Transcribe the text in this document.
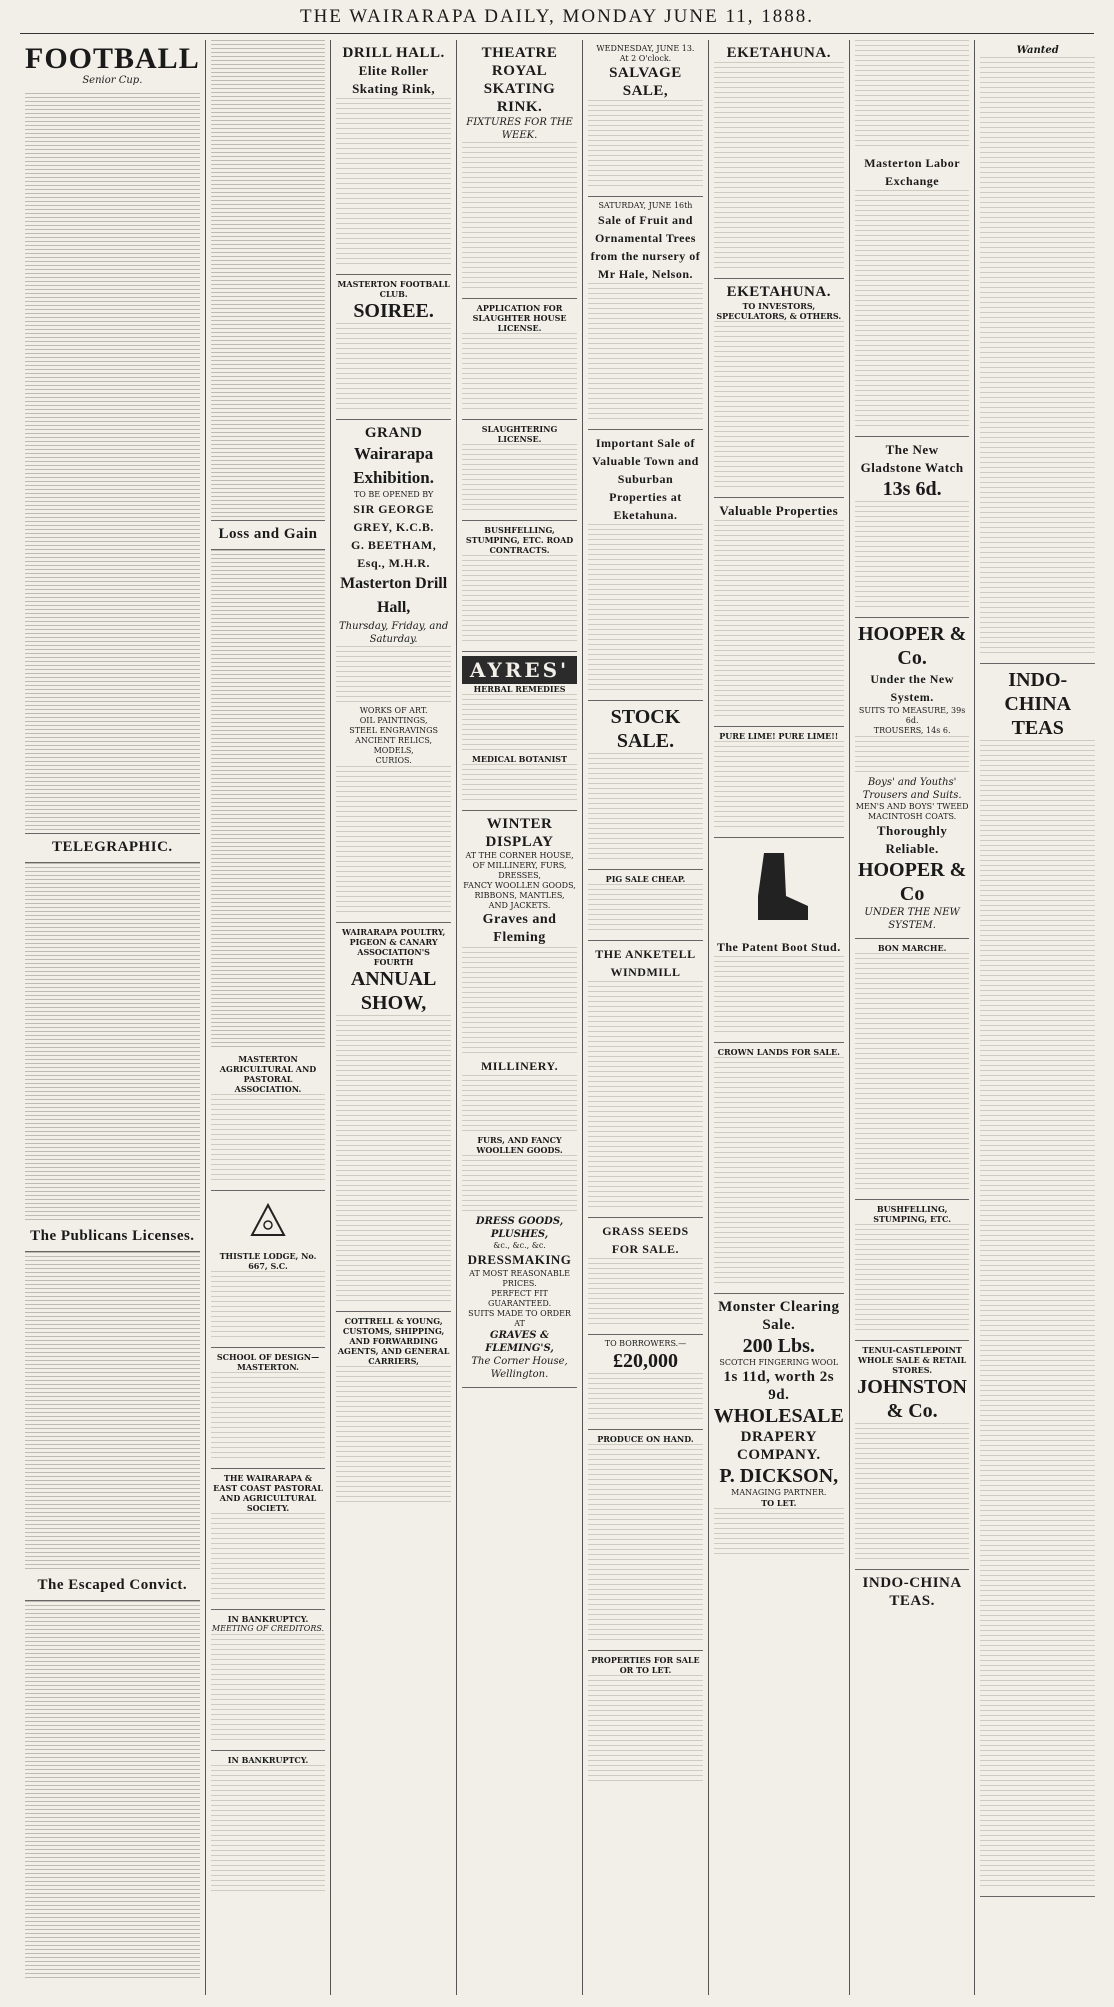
THE WAIRARAPA DAILY, MONDAY JUNE 11, 1888.
FOOTBALL
Senior Cup.
TELEGRAPHIC.
The Publicans Licenses.
The Escaped Convict.
Loss and Gain
MASTERTON AGRICULTURAL AND PASTORAL ASSOCIATION.
THISTLE LODGE, No. 667, S.C.
SCHOOL OF DESIGN—MASTERTON.
THE WAIRARAPA & EAST COAST PASTORAL AND AGRICULTURAL SOCIETY.
IN BANKRUPTCY.
MEETING OF CREDITORS.
IN BANKRUPTCY.
DRILL HALL.
Elite Roller Skating Rink,
MASTERTON FOOTBALL CLUB.
SOIREE.
GRAND
Wairarapa Exhibition.
TO BE OPENED BY
SIR GEORGE GREY, K.C.B.
G. BEETHAM, Esq., M.H.R.
Masterton Drill Hall,
Thursday, Friday, and Saturday.
WORKS OF ART.
OIL PAINTINGS,
STEEL ENGRAVINGS
ANCIENT RELICS,
MODELS,
CURIOS.
WAIRARAPA POULTRY, PIGEON & CANARY ASSOCIATION'S FOURTH
ANNUAL SHOW,
COTTRELL & YOUNG, CUSTOMS, SHIPPING, AND FORWARDING AGENTS, AND GENERAL CARRIERS,
THEATRE ROYAL
SKATING RINK.
FIXTURES FOR THE WEEK.
APPLICATION FOR SLAUGHTER HOUSE LICENSE.
SLAUGHTERING LICENSE.
BUSHFELLING, STUMPING, ETC. ROAD CONTRACTS.
AYRES'
HERBAL REMEDIES
MEDICAL BOTANIST
WINTER DISPLAY
AT THE CORNER HOUSE,
OF MILLINERY, FURS, DRESSES,
FANCY WOOLLEN GOODS,
RIBBONS, MANTLES,
AND JACKETS.
Graves and Fleming
MILLINERY.
FURS, AND FANCY WOOLLEN GOODS.
DRESS GOODS, PLUSHES,
&c., &c., &c.
DRESSMAKING
AT MOST REASONABLE PRICES.
PERFECT FIT GUARANTEED.
SUITS MADE TO ORDER AT
GRAVES & FLEMING'S,
The Corner House, Wellington.
WEDNESDAY, JUNE 13.
At 2 O'clock.
SALVAGE SALE,
SATURDAY, JUNE 16th
Sale of Fruit and Ornamental Trees from the nursery of Mr Hale, Nelson.
Important Sale of Valuable Town and Suburban Properties at Eketahuna.
STOCK SALE.
PIG SALE CHEAP.
THE ANKETELL WINDMILL
GRASS SEEDS FOR SALE.
TO BORROWERS.—
£20,000
PRODUCE ON HAND.
PROPERTIES FOR SALE OR TO LET.
EKETAHUNA.
EKETAHUNA.
TO INVESTORS, SPECULATORS, & OTHERS.
Valuable Properties
PURE LIME! PURE LIME!!
The Patent Boot Stud.
CROWN LANDS FOR SALE.
Monster Clearing Sale.
200 Lbs.
SCOTCH FINGERING WOOL
1s 11d, worth 2s 9d.
WHOLESALE
DRAPERY
COMPANY.
P. DICKSON,
MANAGING PARTNER.
TO LET.
Masterton Labor Exchange
The New Gladstone Watch
13s 6d.
HOOPER & Co.
Under the New System.
SUITS TO MEASURE, 39s 6d.
TROUSERS, 14s 6.
Boys' and Youths' Trousers and Suits.
MEN'S AND BOYS' TWEED MACINTOSH COATS.
Thoroughly Reliable.
HOOPER & Co
UNDER THE NEW SYSTEM.
BON MARCHE.
BUSHFELLING, STUMPING, ETC.
TENUI-CASTLEPOINT WHOLE SALE & RETAIL STORES.
JOHNSTON & Co.
INDO-CHINA TEAS.
Wanted
INDO-CHINA TEAS
